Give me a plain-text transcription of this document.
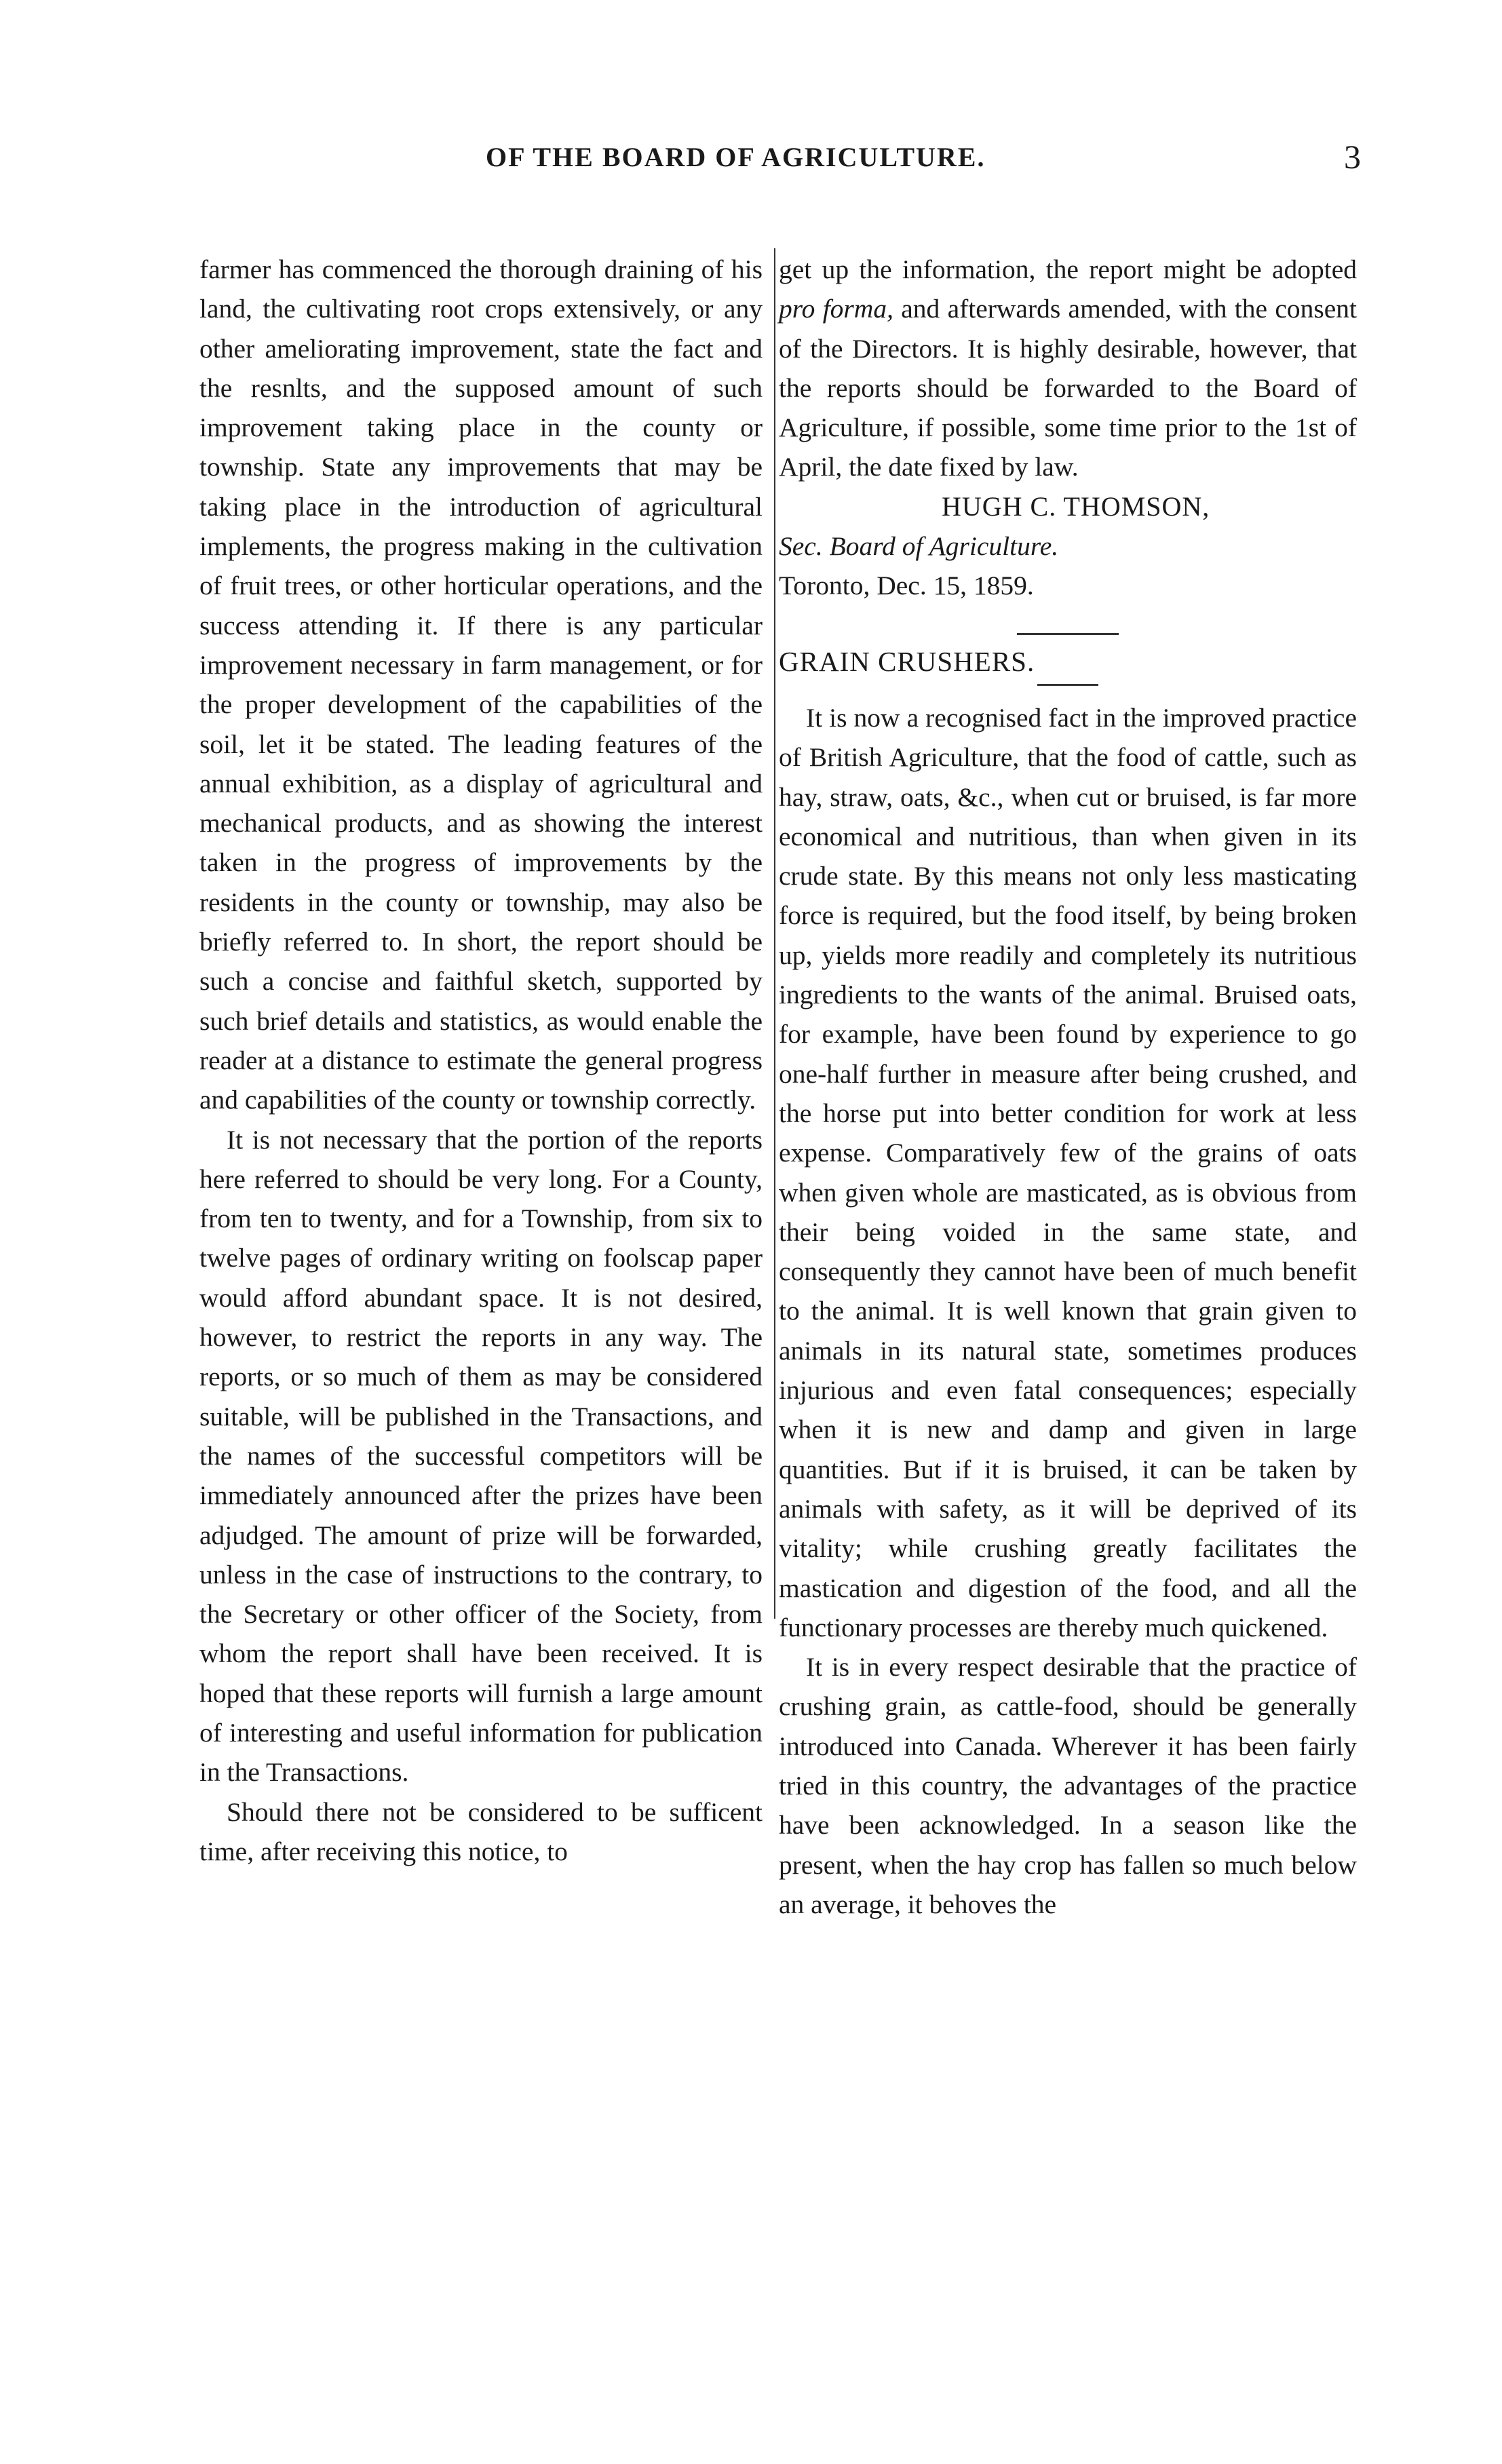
OF THE BOARD OF AGRICULTURE.	3

farmer has commenced the thorough draining of his land, the cultivating root crops extensively, or any other ameliorating improvement, state the fact and the resnlts, and the supposed amount of such improvement taking place in the county or township. State any improvements that may be taking place in the introduction of agricultural implements, the progress making in the cultivation of fruit trees, or other horticular operations, and the success attending it. If there is any particular improvement necessary in farm management, or for the proper development of the capabilities of the soil, let it be stated. The leading features of the annual exhibition, as a display of agricultural and mechanical products, and as showing the interest taken in the progress of improvements by the residents in the county or township, may also be briefly referred to. In short, the report should be such a concise and faithful sketch, supported by such brief details and statistics, as would enable the reader at a distance to estimate the general progress and capabilities of the county or township correctly.

It is not necessary that the portion of the reports here referred to should be very long. For a County, from ten to twenty, and for a Township, from six to twelve pages of ordinary writing on foolscap paper would afford abundant space. It is not desired, however, to restrict the reports in any way. The reports, or so much of them as may be considered suitable, will be published in the Transactions, and the names of the successful competitors will be immediately announced after the prizes have been adjudged. The amount of prize will be forwarded, unless in the case of instructions to the contrary, to the Secretary or other officer of the Society, from whom the report shall have been received. It is hoped that these reports will furnish a large amount of interesting and useful information for publication in the Transactions.

Should there not be considered to be sufficent time, after receiving this notice, to

get up the information, the report might be adopted pro forma, and afterwards amended, with the consent of the Directors. It is highly desirable, however, that the reports should be forwarded to the Board of Agriculture, if possible, some time prior to the 1st of April, the date fixed by law.

HUGH C. THOMSON,

Sec. Board of Agriculture.

Toronto, Dec. 15, 1859.

GRAIN CRUSHERS.

It is now a recognised fact in the improved practice of British Agriculture, that the food of cattle, such as hay, straw, oats, &c., when cut or bruised, is far more economical and nutritious, than when given in its crude state. By this means not only less masticating force is required, but the food itself, by being broken up, yields more readily and completely its nutritious ingredients to the wants of the animal. Bruised oats, for example, have been found by experience to go one-half further in measure after being crushed, and the horse put into better condition for work at less expense. Comparatively few of the grains of oats when given whole are masticated, as is obvious from their being voided in the same state, and consequently they cannot have been of much benefit to the animal. It is well known that grain given to animals in its natural state, sometimes produces injurious and even fatal consequences; especially when it is new and damp and given in large quantities. But if it is bruised, it can be taken by animals with safety, as it will be deprived of its vitality; while crushing greatly facilitates the mastication and digestion of the food, and all the functionary processes are thereby much quickened.

It is in every respect desirable that the practice of crushing grain, as cattle-food, should be generally introduced into Canada. Wherever it has been fairly tried in this country, the advantages of the practice have been acknowledged. In a season like the present, when the hay crop has fallen so much below an average, it behoves the
